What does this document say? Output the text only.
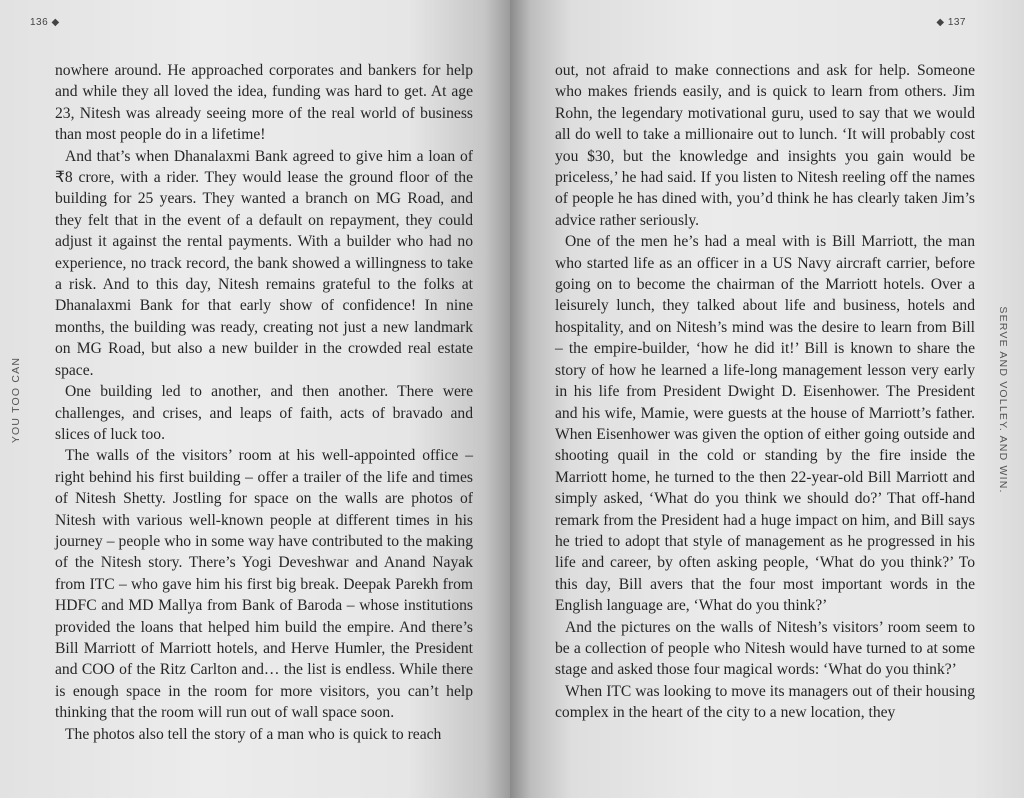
136 ◆

nowhere around. He approached corporates and bankers for help and while they all loved the idea, funding was hard to get. At age 23, Nitesh was already seeing more of the real world of business than most people do in a lifetime!

And that’s when Dhanalaxmi Bank agreed to give him a loan of ₹8 crore, with a rider. They would lease the ground floor of the building for 25 years. They wanted a branch on MG Road, and they felt that in the event of a default on repayment, they could adjust it against the rental payments. With a builder who had no experience, no track record, the bank showed a willingness to take a risk. And to this day, Nitesh remains grateful to the folks at Dhanalaxmi Bank for that early show of confidence! In nine months, the building was ready, creating not just a new landmark on MG Road, but also a new builder in the crowded real estate space.

One building led to another, and then another. There were challenges, and crises, and leaps of faith, acts of bravado and slices of luck too.

The walls of the visitors’ room at his well-appointed office – right behind his first building – offer a trailer of the life and times of Nitesh Shetty. Jostling for space on the walls are photos of Nitesh with various well-known people at different times in his journey – people who in some way have contributed to the making of the Nitesh story. There’s Yogi Deveshwar and Anand Nayak from ITC – who gave him his first big break. Deepak Parekh from HDFC and MD Mallya from Bank of Baroda – whose institutions provided the loans that helped him build the empire. And there’s Bill Marriott of Marriott hotels, and Herve Humler, the President and COO of the Ritz Carlton and… the list is endless. While there is enough space in the room for more visitors, you can’t help thinking that the room will run out of wall space soon.

The photos also tell the story of a man who is quick to reach

◆ 137

out, not afraid to make connections and ask for help. Someone who makes friends easily, and is quick to learn from others. Jim Rohn, the legendary motivational guru, used to say that we would all do well to take a millionaire out to lunch. ‘It will probably cost you $30, but the knowledge and insights you gain would be priceless,’ he had said. If you listen to Nitesh reeling off the names of people he has dined with, you’d think he has clearly taken Jim’s advice rather seriously.

One of the men he’s had a meal with is Bill Marriott, the man who started life as an officer in a US Navy aircraft carrier, before going on to become the chairman of the Marriott hotels. Over a leisurely lunch, they talked about life and business, hotels and hospitality, and on Nitesh’s mind was the desire to learn from Bill – the empire-builder, ‘how he did it!’ Bill is known to share the story of how he learned a life-long management lesson very early in his life from President Dwight D. Eisenhower. The President and his wife, Mamie, were guests at the house of Marriott’s father. When Eisenhower was given the option of either going outside and shooting quail in the cold or standing by the fire inside the Marriott home, he turned to the then 22-year-old Bill Marriott and simply asked, ‘What do you think we should do?’ That off-hand remark from the President had a huge impact on him, and Bill says he tried to adopt that style of management as he progressed in his life and career, by often asking people, ‘What do you think?’ To this day, Bill avers that the four most important words in the English language are, ‘What do you think?’

And the pictures on the walls of Nitesh’s visitors’ room seem to be a collection of people who Nitesh would have turned to at some stage and asked those four magical words: ‘What do you think?’

When ITC was looking to move its managers out of their housing complex in the heart of the city to a new location, they

YOU TOO CAN	SERVE AND VOLLEY. AND WIN.
